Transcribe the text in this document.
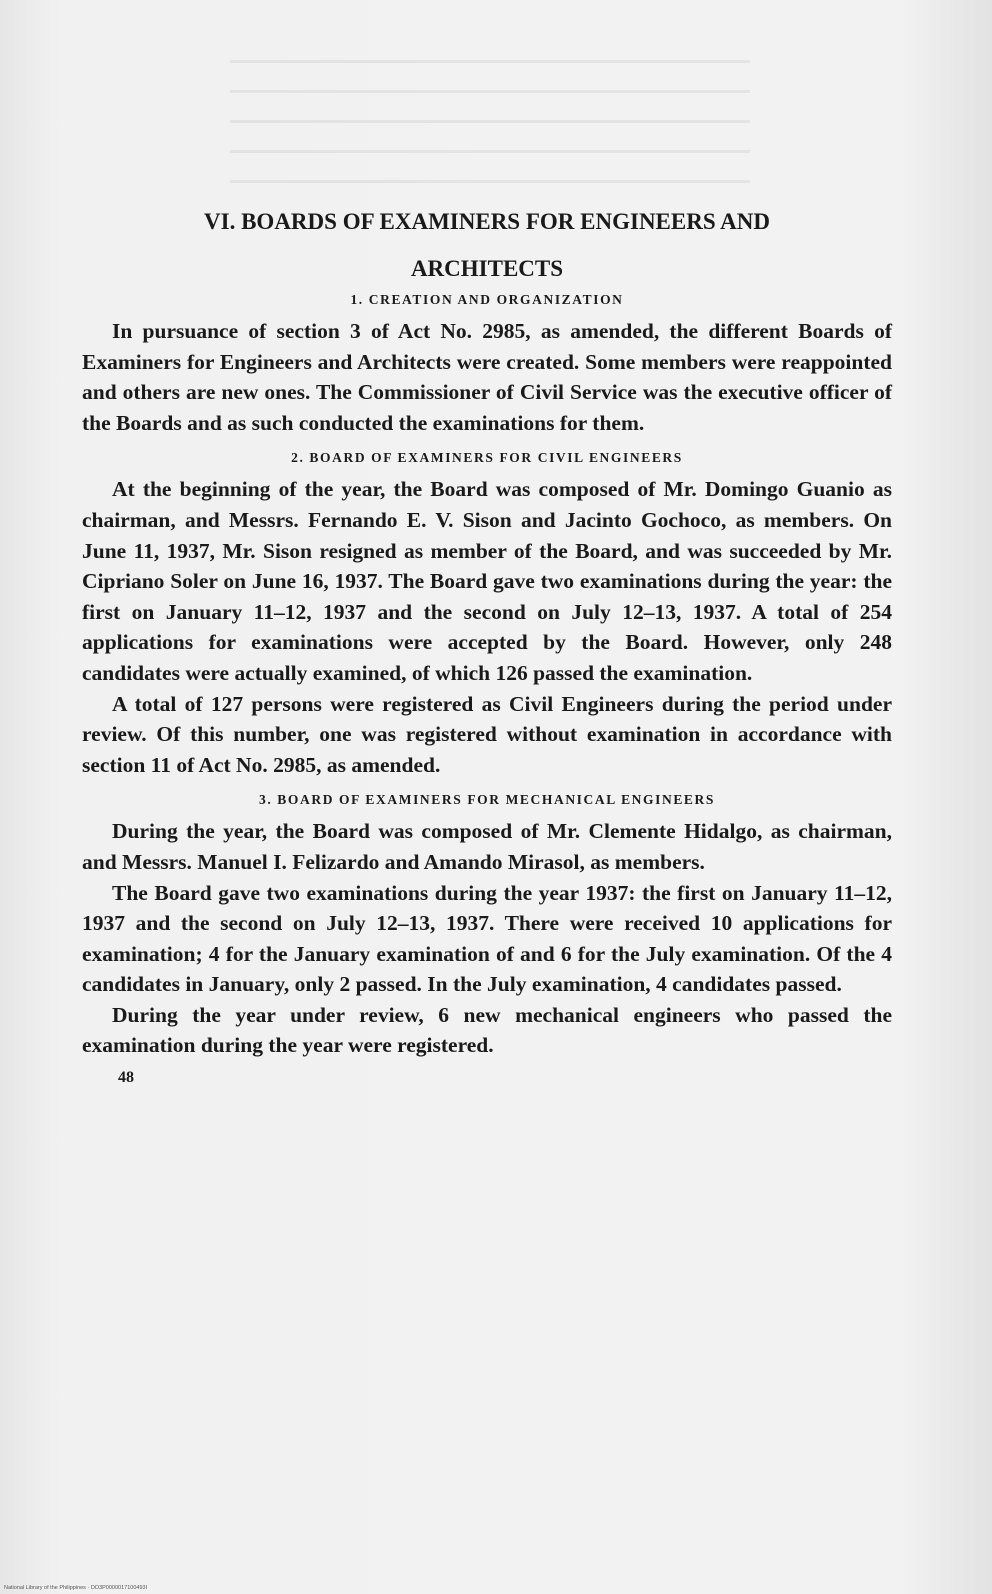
VI. BOARDS OF EXAMINERS FOR ENGINEERS AND
ARCHITECTS
1. CREATION AND ORGANIZATION

In pursuance of section 3 of Act No. 2985, as amended, the different Boards of Examiners for Engineers and Architects were created. Some members were reappointed and others are new ones. The Commissioner of Civil Service was the executive officer of the Boards and as such conducted the examinations for them.

2. BOARD OF EXAMINERS FOR CIVIL ENGINEERS

At the beginning of the year, the Board was composed of Mr. Domingo Guanio as chairman, and Messrs. Fernando E. V. Sison and Jacinto Gochoco, as members. On June 11, 1937, Mr. Sison resigned as member of the Board, and was succeeded by Mr. Cipriano Soler on June 16, 1937. The Board gave two examinations during the year: the first on January 11–12, 1937 and the second on July 12–13, 1937. A total of 254 applications for examinations were accepted by the Board. However, only 248 candidates were actually examined, of which 126 passed the examination.

A total of 127 persons were registered as Civil Engineers during the period under review. Of this number, one was registered without examination in accordance with section 11 of Act No. 2985, as amended.

3. BOARD OF EXAMINERS FOR MECHANICAL ENGINEERS

During the year, the Board was composed of Mr. Clemente Hidalgo, as chairman, and Messrs. Manuel I. Felizardo and Amando Mirasol, as members.

The Board gave two examinations during the year 1937: the first on January 11–12, 1937 and the second on July 12–13, 1937. There were received 10 applications for examination; 4 for the January examination of and 6 for the July examination. Of the 4 candidates in January, only 2 passed. In the July examination, 4 candidates passed.

During the year under review, 6 new mechanical engineers who passed the examination during the year were registered.

48
National Library of the Philippines · DO3P0000017100493I
